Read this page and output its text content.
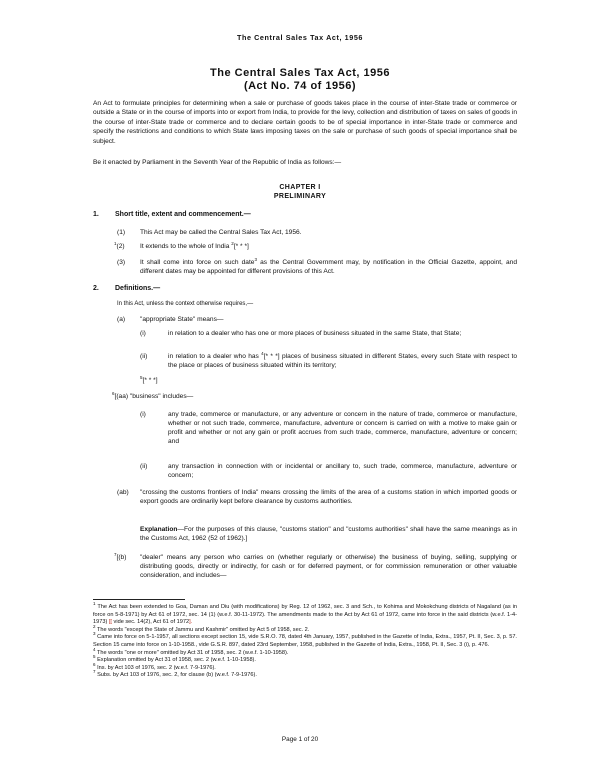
The Central Sales Tax Act, 1956
The Central Sales Tax Act, 1956
(Act No. 74 of 1956)
An Act to formulate principles for determining when a sale or purchase of goods takes place in the course of inter-State trade or commerce or outside a State or in the course of imports into or export from India, to provide for the levy, collection and distribution of taxes on sales of goods in the course of inter-State trade or commerce and to declare certain goods to be of special importance in inter-State trade or commerce and specify the restrictions and conditions to which State laws imposing taxes on the sale or purchase of such goods of special importance shall be subject.
Be it enacted by Parliament in the Seventh Year of the Republic of India as follows:—
CHAPTER I
PRELIMINARY
1. Short title, extent and commencement.—
(1) This Act may be called the Central Sales Tax Act, 1956.
$^1$(2) It extends to the whole of India $^2$[* * *]
(3) It shall come into force on such date$^3$ as the Central Government may, by notification in the Official Gazette, appoint, and different dates may be appointed for different provisions of this Act.
2. Definitions.—
In this Act, unless the context otherwise requires,—
(a) "appropriate State" means—
(i)	in relation to a dealer who has one or more places of business situated in the same State, that State;
(ii)	in relation to a dealer who has $^4$[* * *] places of business situated in different States, every such State with respect to the place or places of business situated within its territory;
$^5$[* * *]
$^6$[(aa) "business" includes—
(i)	any trade, commerce or manufacture, or any adventure or concern in the nature of trade, commerce or manufacture, whether or not such trade, commerce, manufacture, adventure or concern is carried on with a motive to make gain or profit and whether or not any gain or profit accrues from such trade, commerce, manufacture, adventure or concern; and
(ii)	any transaction in connection with or incidental or ancillary to, such trade, commerce, manufacture, adventure or concern;
(ab) "crossing the customs frontiers of India" means crossing the limits of the area of a customs station in which imported goods or export goods are ordinarily kept before clearance by customs authorities.
Explanation—For the purposes of this clause, "customs station" and "customs authorities" shall have the same meanings as in the Customs Act, 1962 (52 of 1962).]
$^7$[(b) "dealer" means any person who carries on (whether regularly or otherwise) the business of buying, selling, supplying or distributing goods, directly or indirectly, for cash or for deferred payment, or for commission remuneration or other valuable consideration, and includes—
$^1$ The Act has been extended to Goa, Daman and Diu (with modifications) by Reg. 12 of 1962, sec. 3 and Sch., to Kohima and Mokokchung districts of Nagaland (as in force on 5-8-1971) by Act 61 of 1972, sec. 14 (1) (w.e.f. 30-11-1972). The amendments made to the Act by Act 61 of 1972, came into force in the said districts (w.e.f. 1-4-1973) [[ vide sec. 14(2), Act 61 of 1972].
$^2$ The words "except the State of Jammu and Kashmir" omitted by Act 5 of 1958, sec. 2.
$^3$ Came into force on 5-1-1957, all sections except section 15, vide S.R.O. 78, dated 4th January, 1957, published in the Gazette of India, Extra., 1957, Pt. II, Sec. 3, p. 57. Section 15 came into force on 1-10-1958., vide G.S.R. 897, dated 23rd September, 1958, published in the Gazette of India, Extra., 1958, Pt. II, Sec. 3 (i), p. 476.
$^4$ The words "one or more" omitted by Act 31 of 1958, sec. 2 (w.e.f. 1-10-1958).
$^5$ Explanation omitted by Act 31 of 1958, sec. 2 (w.e.f. 1-10-1958).
$^6$ Ins. by Act 103 of 1976, sec. 2 (w.e.f. 7-9-1976).
$^7$ Subs. by Act 103 of 1976, sec. 2, for clause (b) (w.e.f. 7-9-1976).
Page 1 of 20
